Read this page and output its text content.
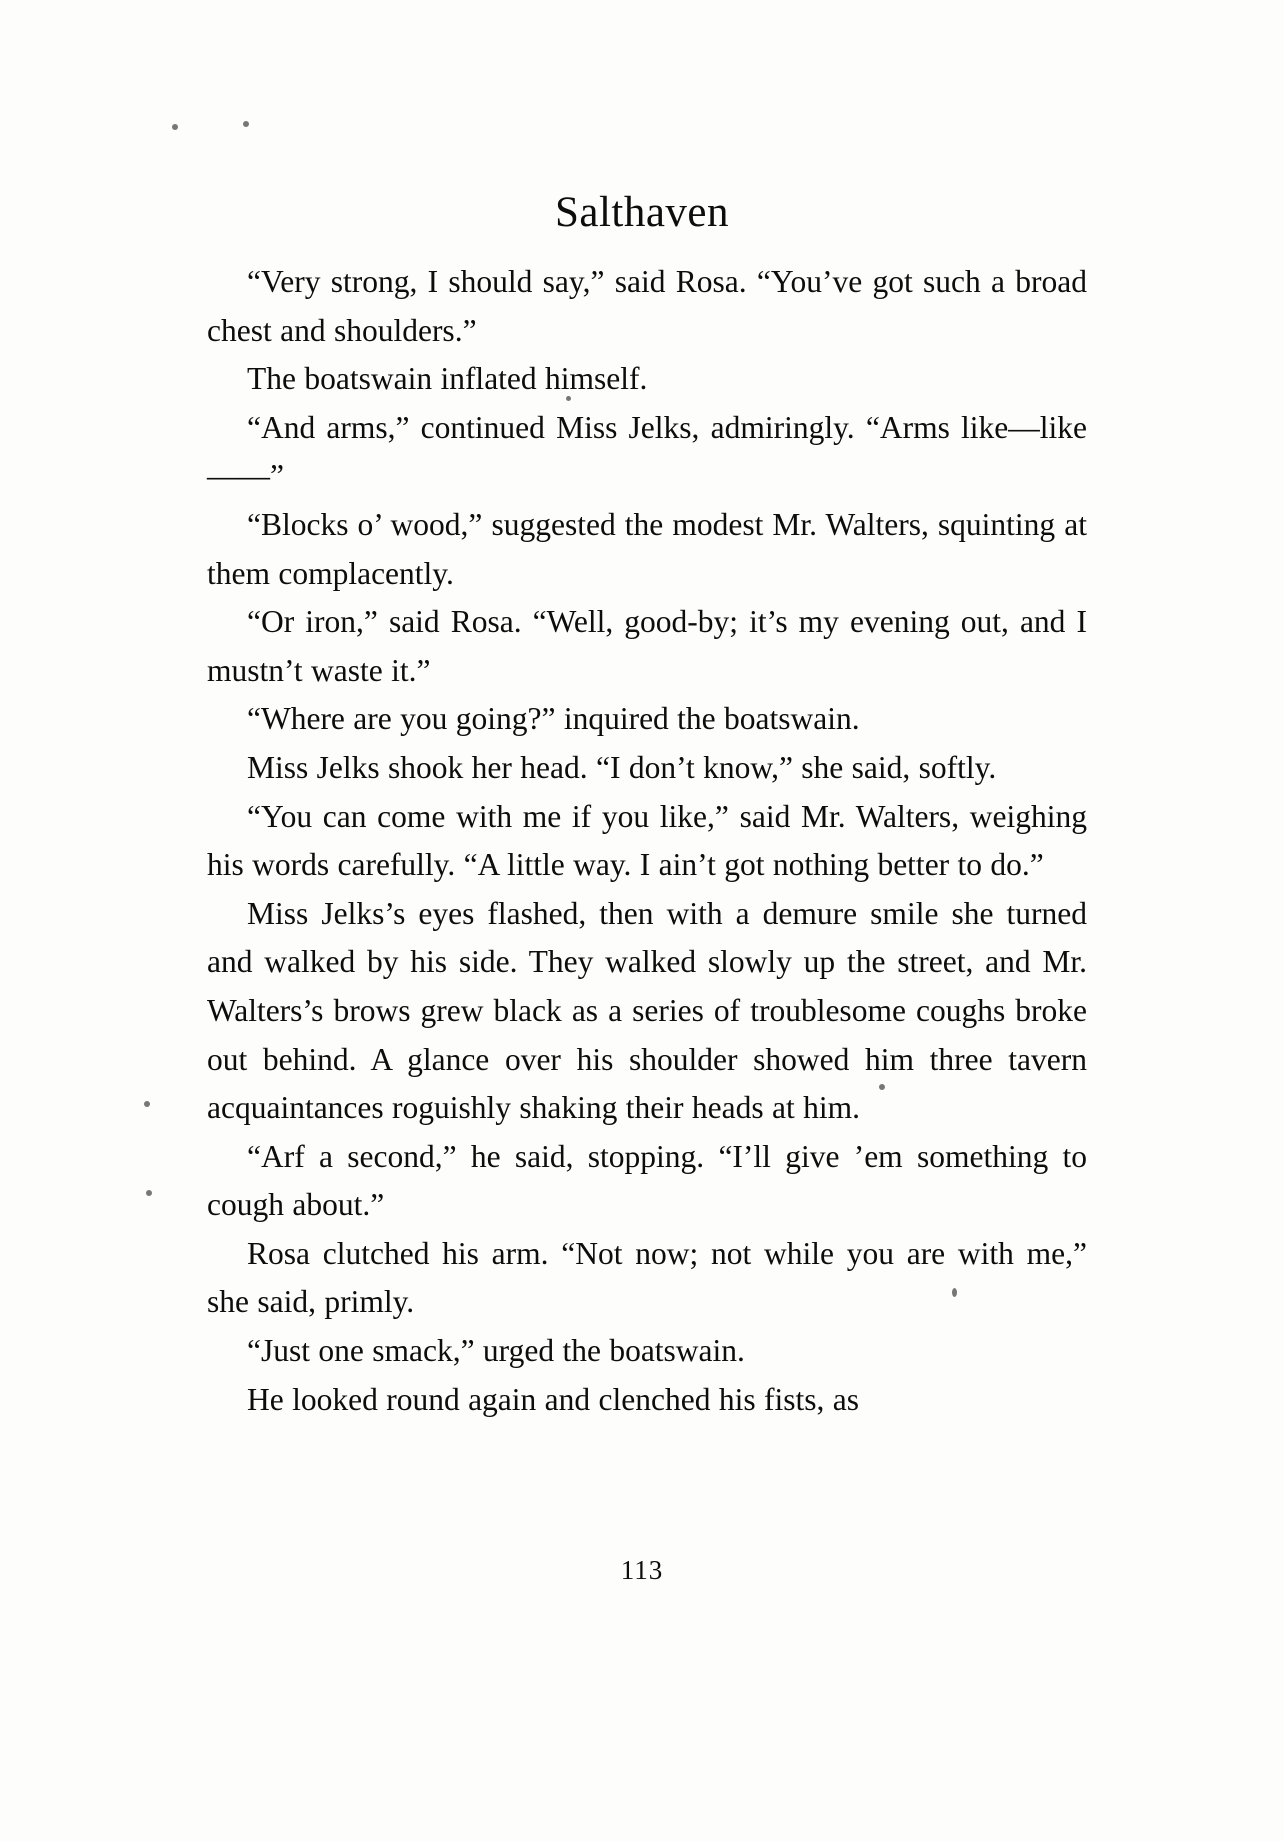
Salthaven

“Very strong, I should say,” said Rosa. “You’ve got such a broad chest and shoulders.”

The boatswain inflated himself.

“And arms,” continued Miss Jelks, admiringly. “Arms like—like——”

“Blocks o’ wood,” suggested the modest Mr. Walters, squinting at them complacently.

“Or iron,” said Rosa. “Well, good-by; it’s my evening out, and I mustn’t waste it.”

“Where are you going?” inquired the boatswain.

Miss Jelks shook her head. “I don’t know,” she said, softly.

“You can come with me if you like,” said Mr. Walters, weighing his words carefully. “A little way. I ain’t got nothing better to do.”

Miss Jelks’s eyes flashed, then with a demure smile she turned and walked by his side. They walked slowly up the street, and Mr. Walters’s brows grew black as a series of troublesome coughs broke out behind. A glance over his shoulder showed him three tavern acquaintances roguishly shaking their heads at him.

“Arf a second,” he said, stopping. “I’ll give ’em something to cough about.”

Rosa clutched his arm. “Not now; not while you are with me,” she said, primly.

“Just one smack,” urged the boatswain.

He looked round again and clenched his fists, as

113
